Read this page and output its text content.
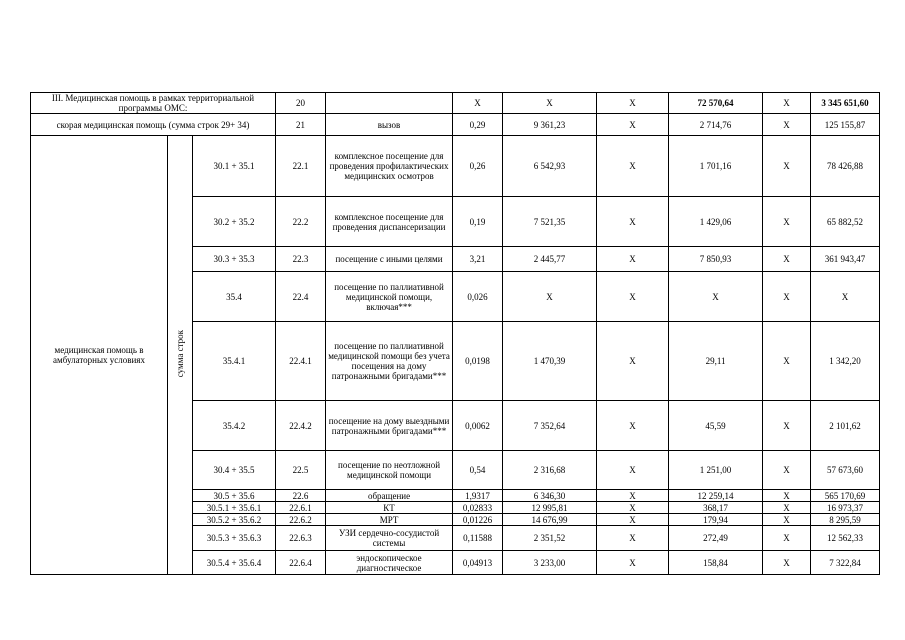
III. Медицинская помощь в рамках территориальной программы ОМС:			20		X	X	X	72 570,64	X	3 345 651,60	
скорая медицинская помощь (сумма строк 29+ 34)			21	вызов	0,29	9 361,23	X	2 714,76	X	125 155,87	
медицинская помощь в амбулаторных условиях	сумма строк	30.1 + 35.1	22.1	комплексное посещение для проведения профилактических медицинских осмотров	0,26	6 542,93	X	1 701,16	X	78 426,88	
		30.2 + 35.2	22.2	комплексное посещение для проведения диспансеризации	0,19	7 521,35	X	1 429,06	X	65 882,52	
		30.3 + 35.3	22.3	посещение с иными целями	3,21	2 445,77	X	7 850,93	X	361 943,47	
		35.4	22.4	посещение по паллиативной медицинской помощи, включая***	0,026	X	X	X	X	X	
		35.4.1	22.4.1	посещение по паллиативной медицинской помощи без учета посещения на дому патронажными бригадами***	0,0198	1 470,39	X	29,11	X	1 342,20	
		35.4.2	22.4.2	посещение на дому выездными патронажными бригадами***	0,0062	7 352,64	X	45,59	X	2 101,62	
		30.4 + 35.5	22.5	посещение по неотложной медицинской помощи	0,54	2 316,68	X	1 251,00	X	57 673,60	
		30.5 + 35.6	22.6	обращение	1,9317	6 346,30	X	12 259,14	X	565 170,69	
		30.5.1 + 35.6.1	22.6.1	КТ	0,02833	12 995,81	X	368,17	X	16 973,37	
		30.5.2 + 35.6.2	22.6.2	МРТ	0,01226	14 676,99	X	179,94	X	8 295,59	
		30.5.3 + 35.6.3	22.6.3	УЗИ сердечно-сосудистой системы	0,11588	2 351,52	X	272,49	X	12 562,33	
		30.5.4 + 35.6.4	22.6.4	эндоскопическое диагностическое	0,04913	3 233,00	X	158,84	X	7 322,84	
